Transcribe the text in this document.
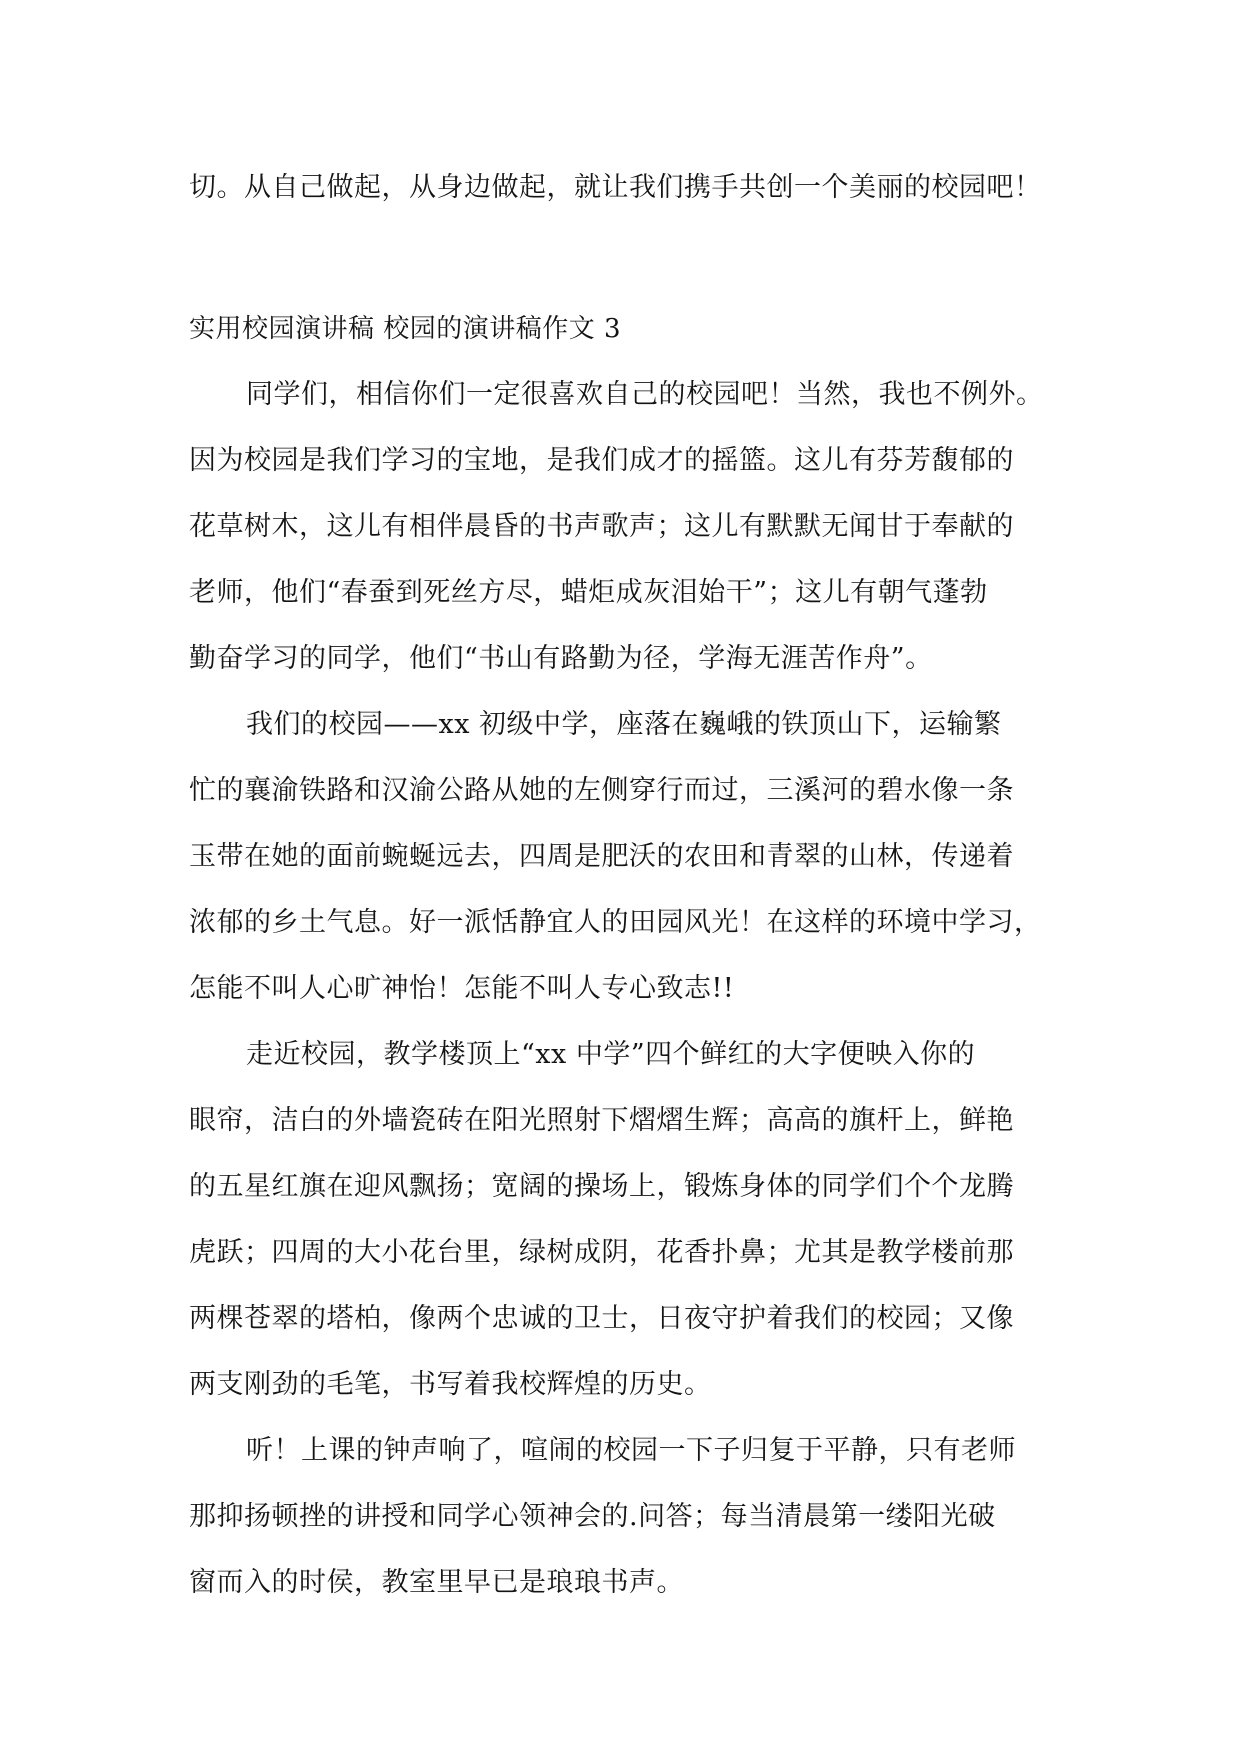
切。从自己做起，从身边做起，就让我们携手共创一个美丽的校园吧！
实用校园演讲稿 校园的演讲稿作文 3
同学们，相信你们一定很喜欢自己的校园吧！当然，我也不例外。
因为校园是我们学习的宝地，是我们成才的摇篮。这儿有芬芳馥郁的
花草树木，这儿有相伴晨昏的书声歌声；这儿有默默无闻甘于奉献的
老师，他们“春蚕到死丝方尽，蜡炬成灰泪始干”；这儿有朝气蓬勃
勤奋学习的同学，他们“书山有路勤为径，学海无涯苦作舟”。
我们的校园——xx 初级中学，座落在巍峨的铁顶山下，运输繁
忙的襄渝铁路和汉渝公路从她的左侧穿行而过，三溪河的碧水像一条
玉带在她的面前蜿蜒远去，四周是肥沃的农田和青翠的山林，传递着
浓郁的乡土气息。好一派恬静宜人的田园风光！在这样的环境中学习，
怎能不叫人心旷神怡！怎能不叫人专心致志!!
走近校园，教学楼顶上“xx 中学”四个鲜红的大字便映入你的
眼帘，洁白的外墙瓷砖在阳光照射下熠熠生辉；高高的旗杆上，鲜艳
的五星红旗在迎风飘扬；宽阔的操场上，锻炼身体的同学们个个龙腾
虎跃；四周的大小花台里，绿树成阴，花香扑鼻；尤其是教学楼前那
两棵苍翠的塔柏，像两个忠诚的卫士，日夜守护着我们的校园；又像
两支刚劲的毛笔，书写着我校辉煌的历史。
听！上课的钟声响了，喧闹的校园一下子归复于平静，只有老师
那抑扬顿挫的讲授和同学心领神会的.问答；每当清晨第一缕阳光破
窗而入的时侯，教室里早已是琅琅书声。
